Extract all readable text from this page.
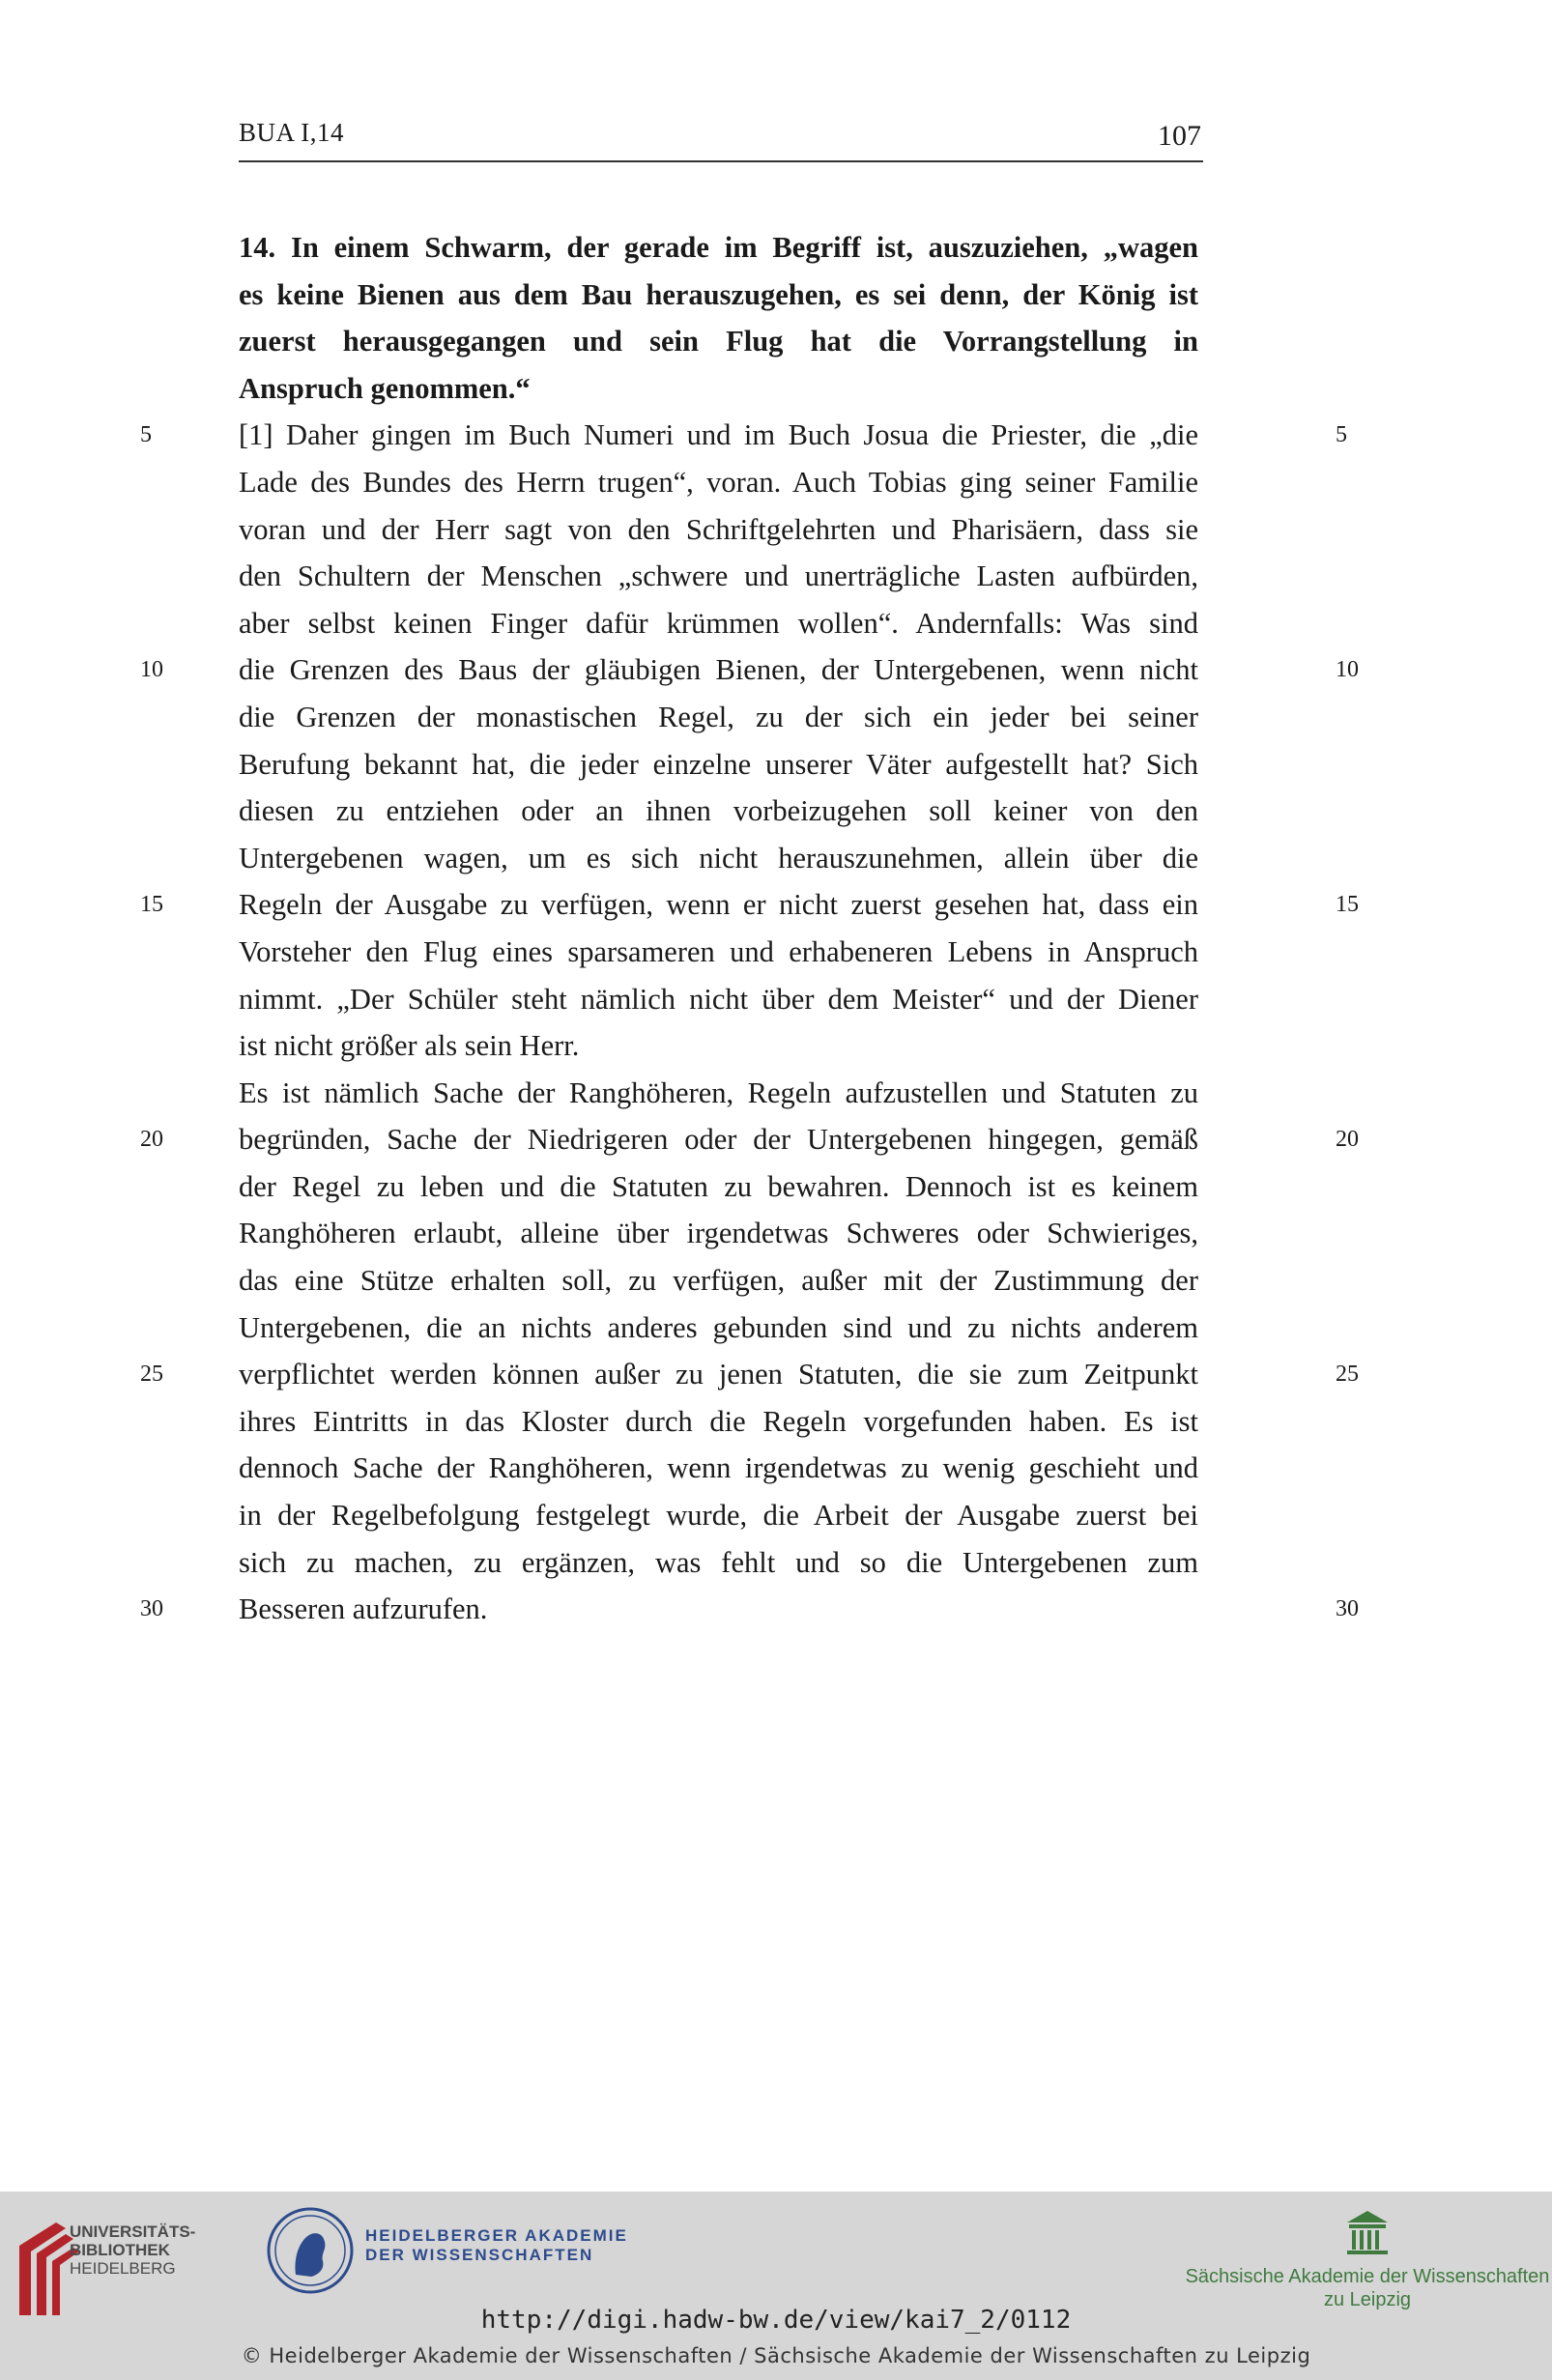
BUA I,14	107
14. In einem Schwarm, der gerade im Begriff ist, auszuziehen, „wagen
es keine Bienen aus dem Bau herauszugehen, es sei denn, der König ist
zuerst herausgegangen und sein Flug hat die Vorrangstellung in
Anspruch genommen.“
[1] Daher gingen im Buch Numeri und im Buch Josua die Priester, die „die
5	5
Lade des Bundes des Herrn trugen“, voran. Auch Tobias ging seiner Familie
voran und der Herr sagt von den Schriftgelehrten und Pharisäern, dass sie
den Schultern der Menschen „schwere und unerträgliche Lasten aufbürden,
aber selbst keinen Finger dafür krümmen wollen“. Andernfalls: Was sind
die Grenzen des Baus der gläubigen Bienen, der Untergebenen, wenn nicht
10	10
die Grenzen der monastischen Regel, zu der sich ein jeder bei seiner
Berufung bekannt hat, die jeder einzelne unserer Väter aufgestellt hat? Sich
diesen zu entziehen oder an ihnen vorbeizugehen soll keiner von den
Untergebenen wagen, um es sich nicht herauszunehmen, allein über die
Regeln der Ausgabe zu verfügen, wenn er nicht zuerst gesehen hat, dass ein
15	15
Vorsteher den Flug eines sparsameren und erhabeneren Lebens in Anspruch
nimmt. „Der Schüler steht nämlich nicht über dem Meister“ und der Diener
ist nicht größer als sein Herr.
Es ist nämlich Sache der Ranghöheren, Regeln aufzustellen und Statuten zu
begründen, Sache der Niedrigeren oder der Untergebenen hingegen, gemäß
20	20
der Regel zu leben und die Statuten zu bewahren. Dennoch ist es keinem
Ranghöheren erlaubt, alleine über irgendetwas Schweres oder Schwieriges,
das eine Stütze erhalten soll, zu verfügen, außer mit der Zustimmung der
Untergebenen, die an nichts anderes gebunden sind und zu nichts anderem
verpflichtet werden können außer zu jenen Statuten, die sie zum Zeitpunkt
25	25
ihres Eintritts in das Kloster durch die Regeln vorgefunden haben. Es ist
dennoch Sache der Ranghöheren, wenn irgendetwas zu wenig geschieht und
in der Regelbefolgung festgelegt wurde, die Arbeit der Ausgabe zuerst bei
sich zu machen, zu ergänzen, was fehlt und so die Untergebenen zum
Besseren aufzurufen.
30	30
UNIVERSITÄTS-
BIBLIOTHEK
HEIDELBERG
HEIDELBERGER AKADEMIE
DER WISSENSCHAFTEN
Sächsische Akademie der Wissenschaften
zu Leipzig
http://digi.hadw-bw.de/view/kai7_2/0112
© Heidelberger Akademie der Wissenschaften / Sächsische Akademie der Wissenschaften zu Leipzig
